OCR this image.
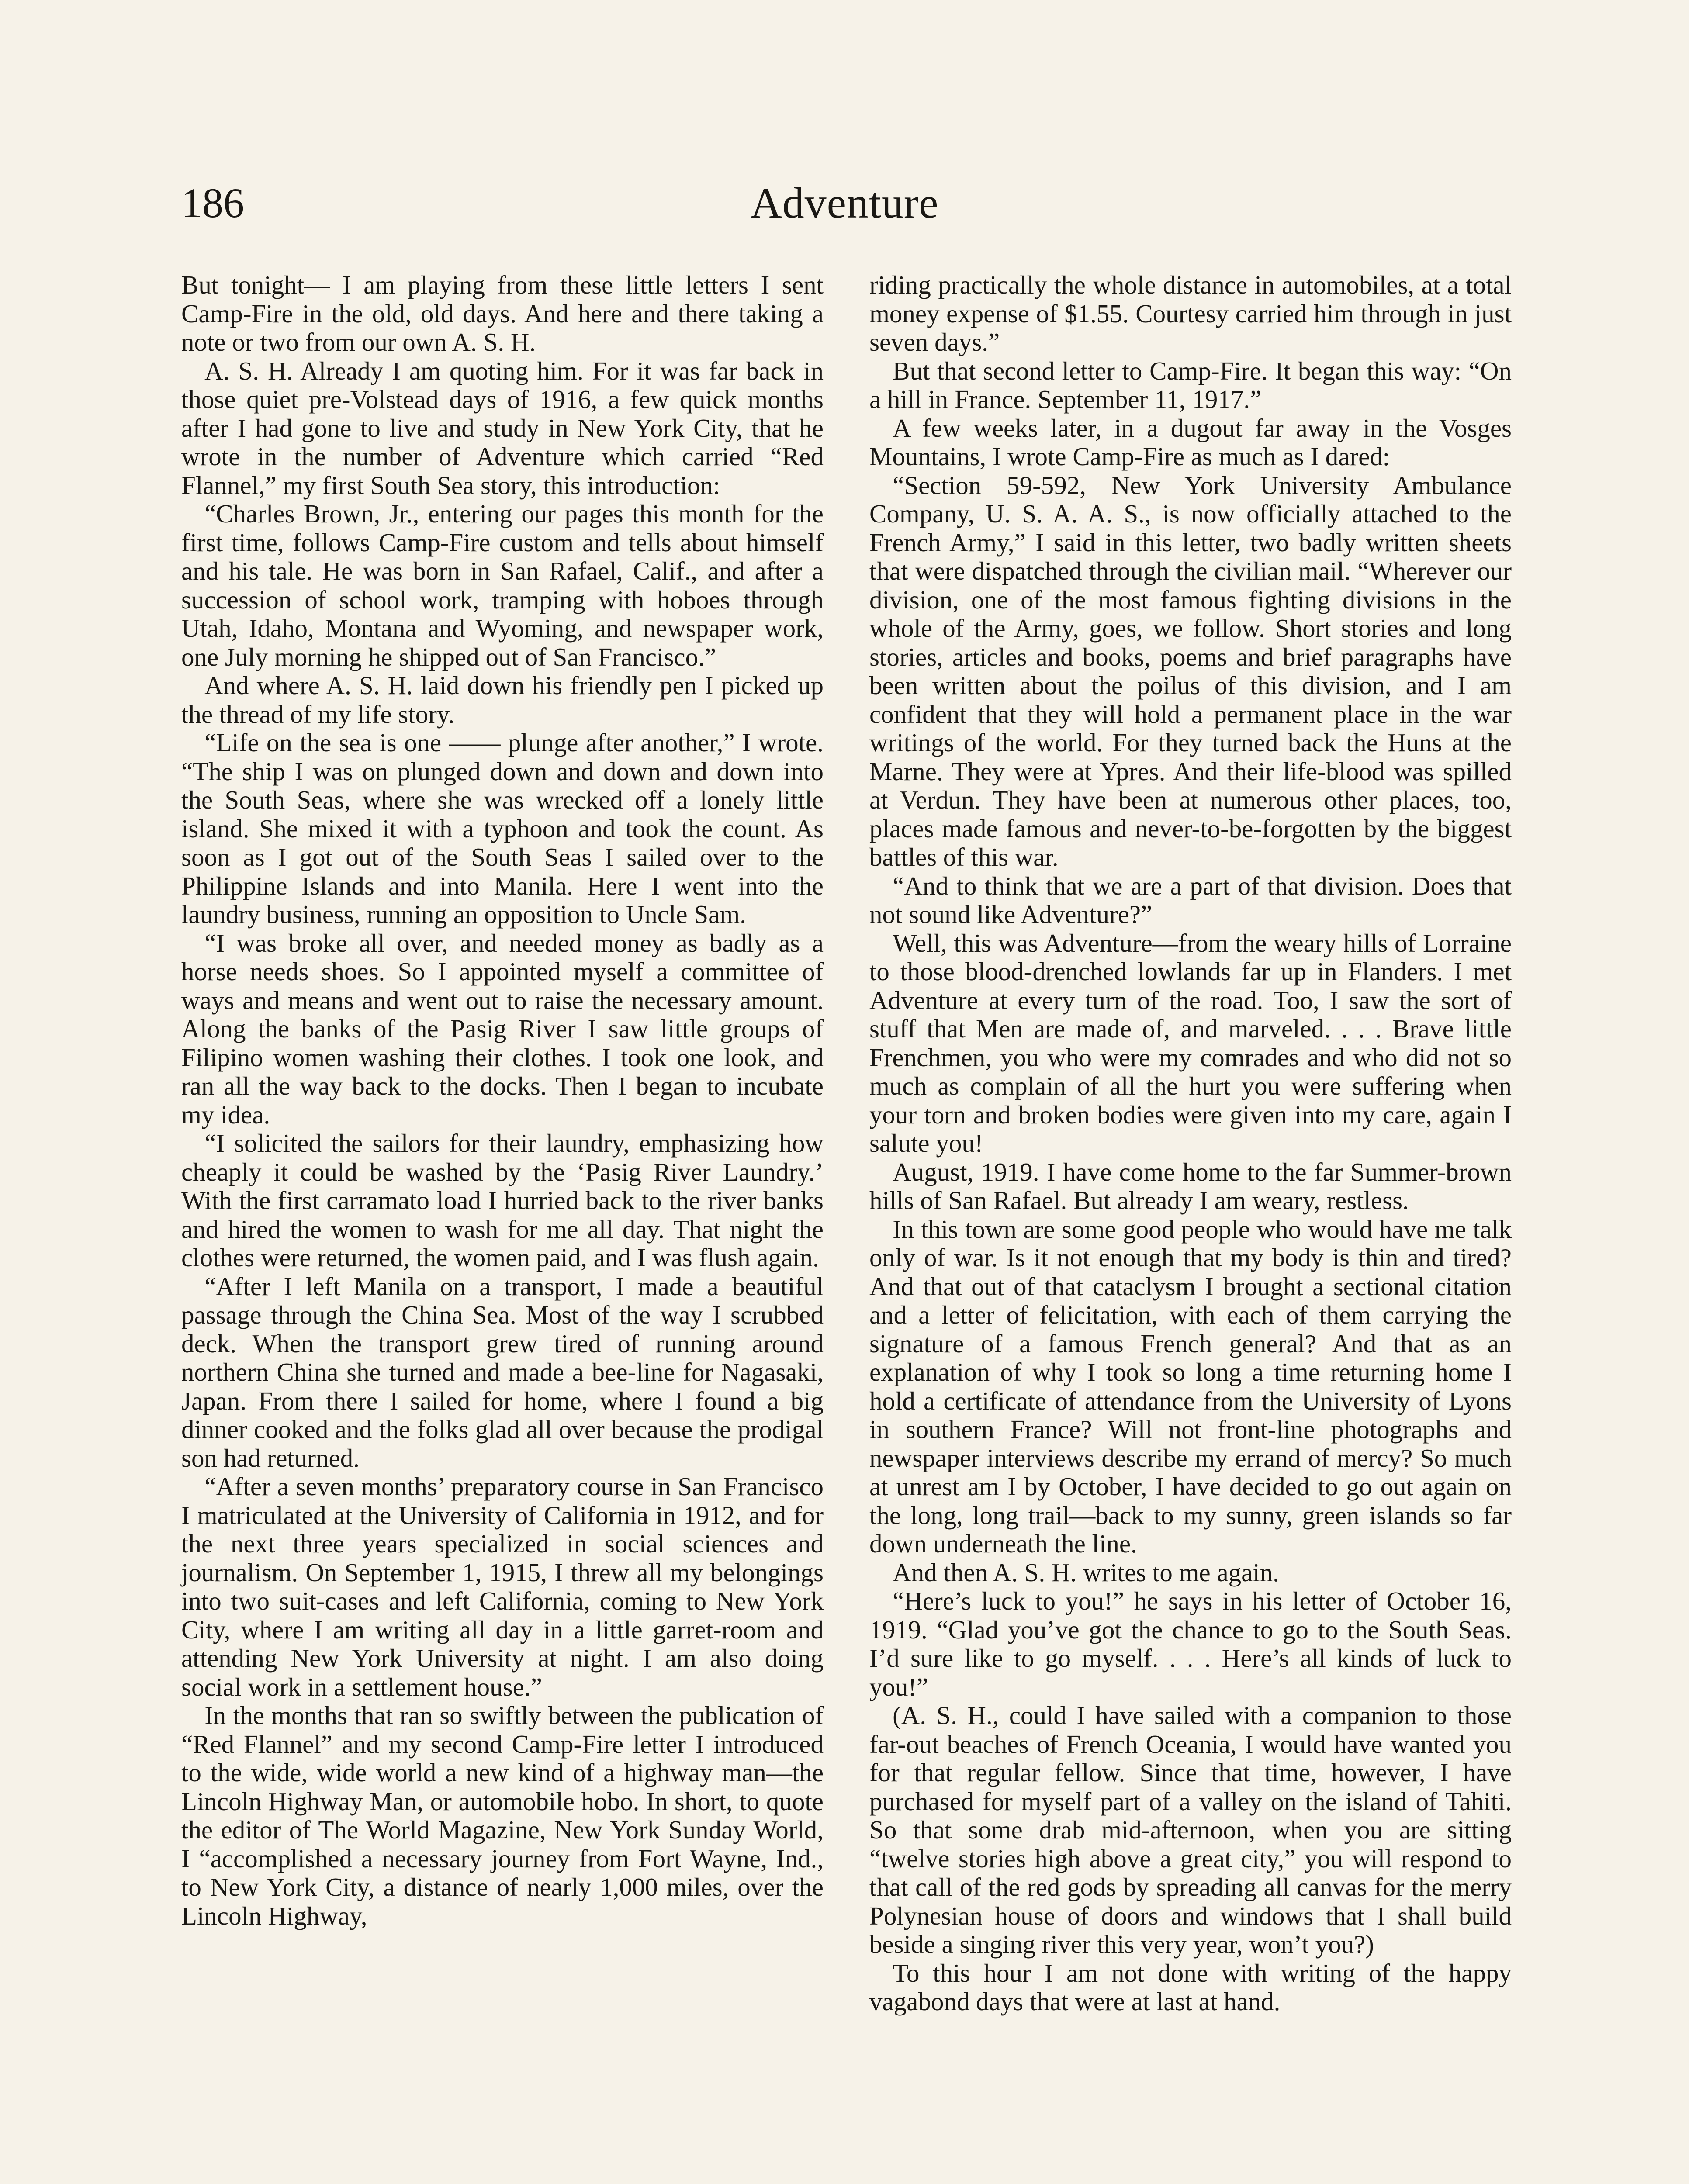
186	Adventure

But tonight— I am playing from these little letters I sent Camp-Fire in the old, old days. And here and there taking a note or two from our own A. S. H.

A. S. H. Already I am quoting him. For it was far back in those quiet pre-Volstead days of 1916, a few quick months after I had gone to live and study in New York City, that he wrote in the number of Adventure which carried “Red Flannel,” my first South Sea story, this introduction:

“Charles Brown, Jr., entering our pages this month for the first time, follows Camp-Fire custom and tells about himself and his tale. He was born in San Rafael, Calif., and after a succession of school work, tramping with hoboes through Utah, Idaho, Montana and Wyoming, and newspaper work, one July morning he shipped out of San Francisco.”

And where A. S. H. laid down his friendly pen I picked up the thread of my life story.

“Life on the sea is one —— plunge after another,” I wrote. “The ship I was on plunged down and down and down into the South Seas, where she was wrecked off a lonely little island. She mixed it with a typhoon and took the count. As soon as I got out of the South Seas I sailed over to the Philippine Islands and into Manila. Here I went into the laundry business, running an opposition to Uncle Sam.

“I was broke all over, and needed money as badly as a horse needs shoes. So I appointed myself a committee of ways and means and went out to raise the necessary amount. Along the banks of the Pasig River I saw little groups of Filipino women washing their clothes. I took one look, and ran all the way back to the docks. Then I began to incubate my idea.

“I solicited the sailors for their laundry, emphasizing how cheaply it could be washed by the ‘Pasig River Laundry.’ With the first carramato load I hurried back to the river banks and hired the women to wash for me all day. That night the clothes were returned, the women paid, and I was flush again.

“After I left Manila on a transport, I made a beautiful passage through the China Sea. Most of the way I scrubbed deck. When the transport grew tired of running around northern China she turned and made a bee-line for Nagasaki, Japan. From there I sailed for home, where I found a big dinner cooked and the folks glad all over because the prodigal son had returned.

“After a seven months’ preparatory course in San Francisco I matriculated at the University of California in 1912, and for the next three years specialized in social sciences and journalism. On September 1, 1915, I threw all my belongings into two suit-cases and left California, coming to New York City, where I am writing all day in a little garret-room and attending New York University at night. I am also doing social work in a settlement house.”

In the months that ran so swiftly between the publication of “Red Flannel” and my second Camp-Fire letter I introduced to the wide, wide world a new kind of a highway man—the Lincoln Highway Man, or automobile hobo. In short, to quote the editor of The World Magazine, New York Sunday World, I “accomplished a necessary journey from Fort Wayne, Ind., to New York City, a distance of nearly 1,000 miles, over the Lincoln Highway,

riding practically the whole distance in automobiles, at a total money expense of $1.55. Courtesy carried him through in just seven days.”

But that second letter to Camp-Fire. It began this way: “On a hill in France. September 11, 1917.”

A few weeks later, in a dugout far away in the Vosges Mountains, I wrote Camp-Fire as much as I dared:

“Section 59-592, New York University Ambulance Company, U. S. A. A. S., is now officially attached to the French Army,” I said in this letter, two badly written sheets that were dispatched through the civilian mail. “Wherever our division, one of the most famous fighting divisions in the whole of the Army, goes, we follow. Short stories and long stories, articles and books, poems and brief paragraphs have been written about the poilus of this division, and I am confident that they will hold a permanent place in the war writings of the world. For they turned back the Huns at the Marne. They were at Ypres. And their life-blood was spilled at Verdun. They have been at numerous other places, too, places made famous and never-to-be-forgotten by the biggest battles of this war.

“And to think that we are a part of that division. Does that not sound like Adventure?”

Well, this was Adventure—from the weary hills of Lorraine to those blood-drenched lowlands far up in Flanders. I met Adventure at every turn of the road. Too, I saw the sort of stuff that Men are made of, and marveled. . . . Brave little Frenchmen, you who were my comrades and who did not so much as complain of all the hurt you were suffering when your torn and broken bodies were given into my care, again I salute you!

August, 1919. I have come home to the far Summer-brown hills of San Rafael. But already I am weary, restless.

In this town are some good people who would have me talk only of war. Is it not enough that my body is thin and tired? And that out of that cataclysm I brought a sectional citation and a letter of felicitation, with each of them carrying the signature of a famous French general? And that as an explanation of why I took so long a time returning home I hold a certificate of attendance from the University of Lyons in southern France? Will not front-line photographs and newspaper interviews describe my errand of mercy? So much at unrest am I by October, I have decided to go out again on the long, long trail—back to my sunny, green islands so far down underneath the line.

And then A. S. H. writes to me again.

“Here’s luck to you!” he says in his letter of October 16, 1919. “Glad you’ve got the chance to go to the South Seas. I’d sure like to go myself. . . . Here’s all kinds of luck to you!”

(A. S. H., could I have sailed with a companion to those far-out beaches of French Oceania, I would have wanted you for that regular fellow. Since that time, however, I have purchased for myself part of a valley on the island of Tahiti. So that some drab mid-afternoon, when you are sitting “twelve stories high above a great city,” you will respond to that call of the red gods by spreading all canvas for the merry Polynesian house of doors and windows that I shall build beside a singing river this very year, won’t you?)

To this hour I am not done with writing of the happy vagabond days that were at last at hand.
